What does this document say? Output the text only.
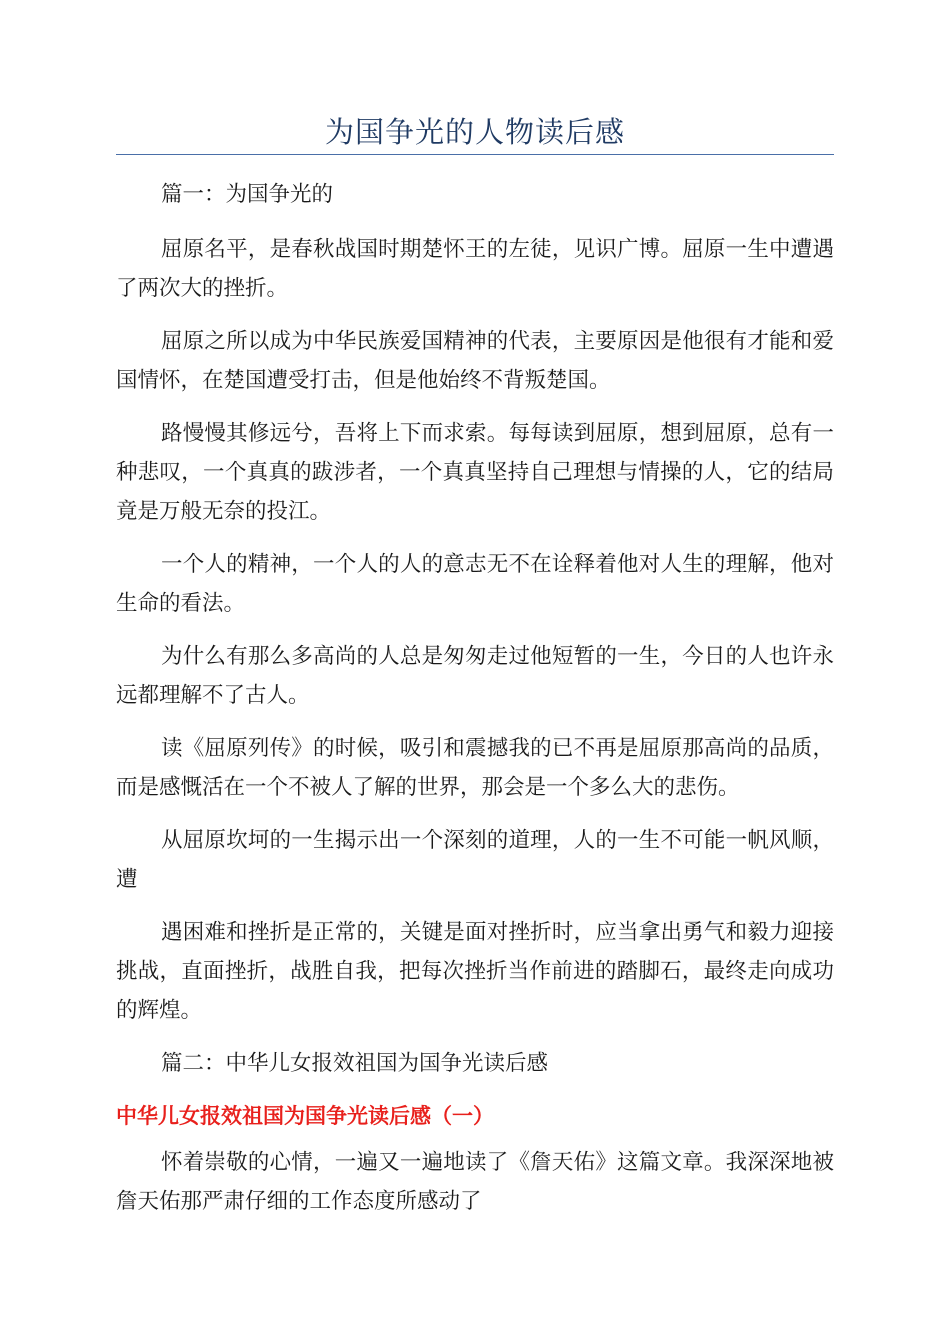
为国争光的人物读后感

篇一：为国争光的

屈原名平，是春秋战国时期楚怀王的左徒，见识广博。屈原一生中遭遇了两次大的挫折。

屈原之所以成为中华民族爱国精神的代表，主要原因是他很有才能和爱国情怀，在楚国遭受打击，但是他始终不背叛楚国。

路慢慢其修远兮，吾将上下而求索。每每读到屈原，想到屈原，总有一种悲叹，一个真真的跋涉者，一个真真坚持自己理想与情操的人，它的结局竟是万般无奈的投江。

一个人的精神，一个人的人的意志无不在诠释着他对人生的理解，他对生命的看法。

为什么有那么多高尚的人总是匆匆走过他短暂的一生，今日的人也许永远都理解不了古人。

读《屈原列传》的时候，吸引和震撼我的已不再是屈原那高尚的品质，而是感慨活在一个不被人了解的世界，那会是一个多么大的悲伤。

从屈原坎坷的一生揭示出一个深刻的道理，人的一生不可能一帆风顺，遭

遇困难和挫折是正常的，关键是面对挫折时，应当拿出勇气和毅力迎接挑战，直面挫折，战胜自我，把每次挫折当作前进的踏脚石，最终走向成功的辉煌。

篇二：中华儿女报效祖国为国争光读后感

中华儿女报效祖国为国争光读后感（一）

怀着崇敬的心情，一遍又一遍地读了《詹天佑》这篇文章。我深深地被詹天佑那严肃仔细的工作态度所感动了
